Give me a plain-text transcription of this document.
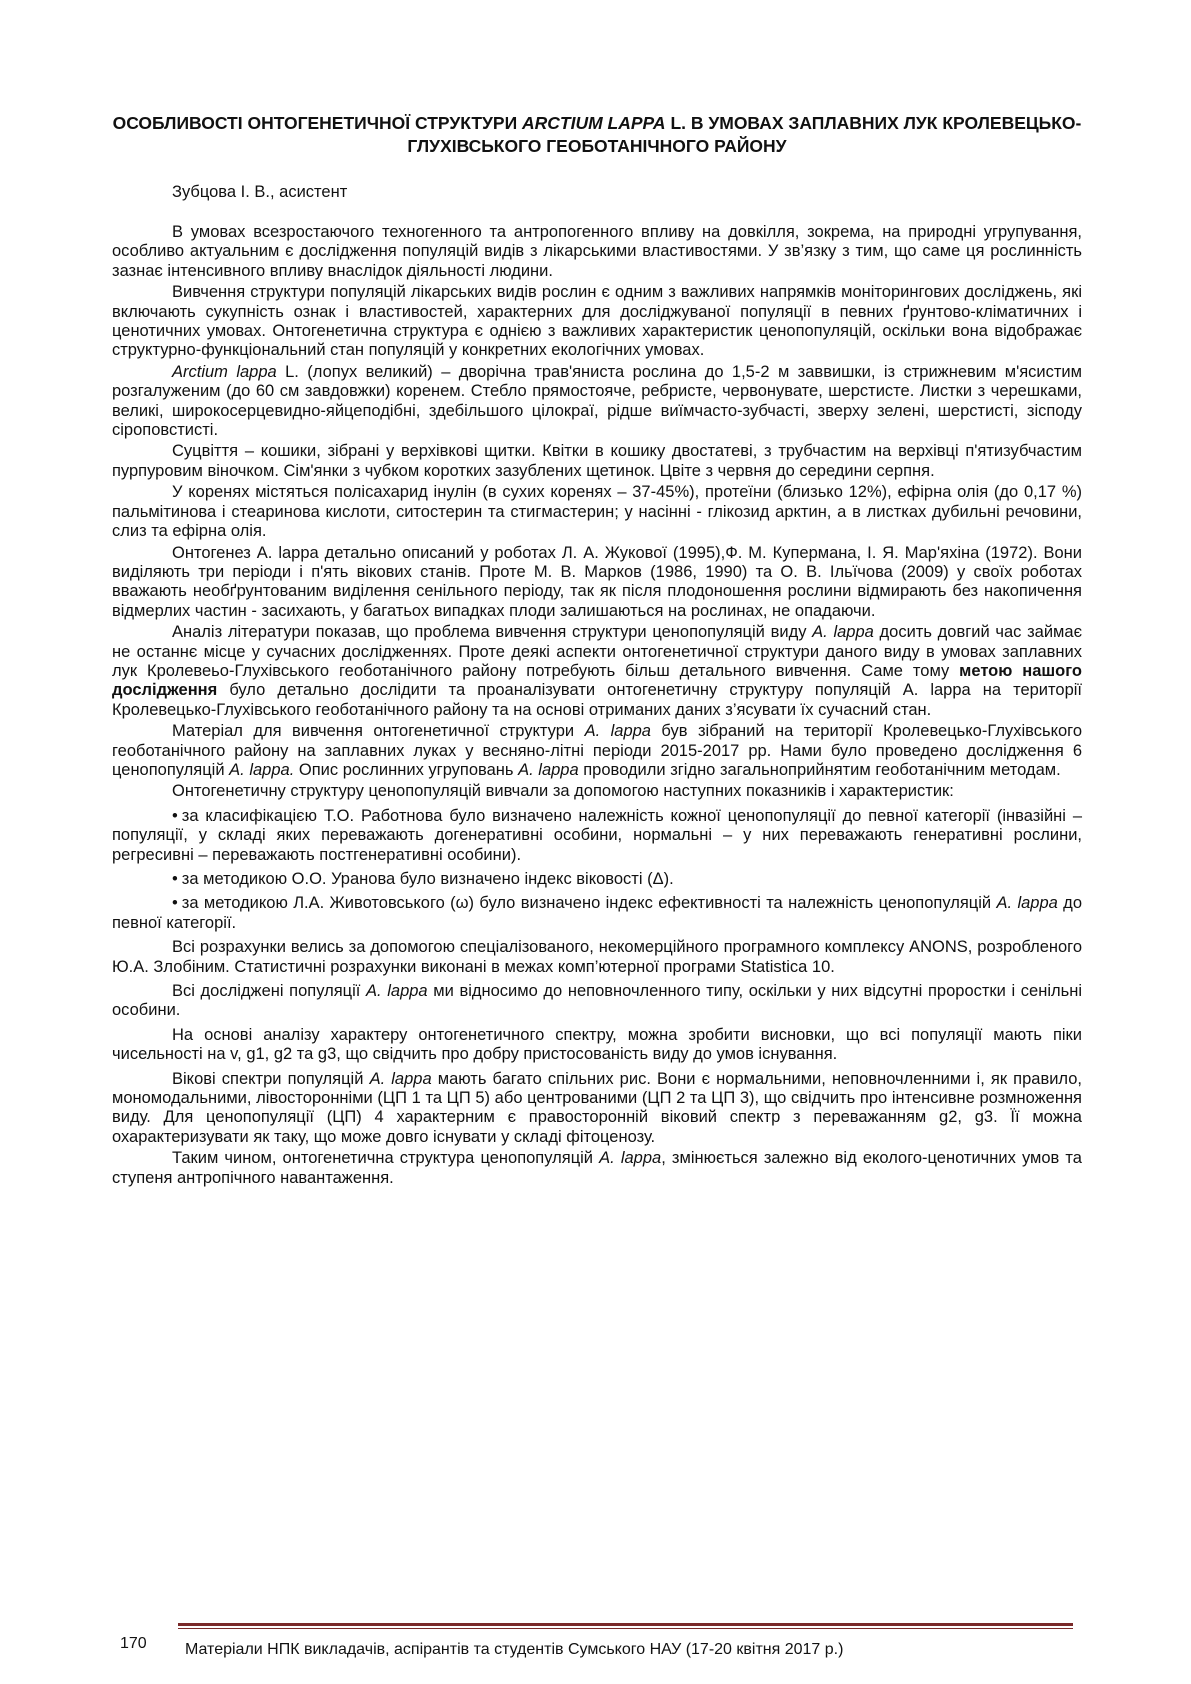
ОСОБЛИВОСТІ ОНТОГЕНЕТИЧНОЇ СТРУКТУРИ ARCTIUM LAPPA L. В УМОВАХ ЗАПЛАВНИХ ЛУК КРОЛЕВЕЦЬКО-ГЛУХІВСЬКОГО ГЕОБОТАНІЧНОГО РАЙОНУ
Зубцова І. В., асистент

В умовах всезростаючого техногенного та антропогенного впливу на довкілля, зокрема, на природні угрупування, особливо актуальним є дослідження популяцій видів з лікарськими властивостями. У зв’язку з тим, що саме ця рослинність зазнає інтенсивного впливу внаслідок діяльності людини.

Вивчення структури популяцій лікарських видів рослин є одним з важливих напрямків моніторингових досліджень, які включають сукупність ознак і властивостей, характерних для досліджуваної популяції в певних ґрунтово-кліматичних і ценотичних умовах. Онтогенетична структура є однією з важливих характеристик ценопопуляцій, оскільки вона відображає структурно-функціональний стан популяцій у конкретних екологічних умовах.

Arctium lappa L. (лопух великий) – дворічна трав'яниста рослина до 1,5-2 м заввишки, із стрижневим м'ясистим розгалуженим (до 60 см завдовжки) коренем. Стебло прямостояче, ребристе, червонувате, шерстисте. Листки з черешками, великі, широкосерцевидно-яйцеподібні, здебільшого цілокраї, рідше виїмчасто-зубчасті, зверху зелені, шерстисті, зісподу сіроповстисті.

Суцвіття – кошики, зібрані у верхівкові щитки. Квітки в кошику двостатеві, з трубчастим на верхівці п'ятизубчастим пурпуровим віночком. Сім'янки з чубком коротких зазублених щетинок. Цвіте з червня до середини серпня.

У коренях містяться полісахарид інулін (в сухих коренях – 37-45%), протеїни (близько 12%), ефірна олія (до 0,17 %) пальмітинова і стеаринова кислоти, ситостерин та стигмастерин; у насінні - глікозид арктин, а в листках дубильні речовини, слиз та ефірна олія.

Онтогенез А. lappa детально описаний у роботах Л. А. Жукової (1995),Ф. М. Купермана, І. Я. Мар'яхіна (1972). Вони виділяють три періоди і п'ять вікових станів. Проте М. В. Марков (1986, 1990) та О. В. Ільїчова (2009) у своїх роботах вважають необґрунтованим виділення сенільного періоду, так як після плодоношення рослини відмирають без накопичення відмерлих частин - засихають, у багатьох випадках плоди залишаються на рослинах, не опадаючи.

Аналіз літератури показав, що проблема вивчення структури ценопопуляцій виду A. lappa досить довгий час займає не останнє місце у сучасних дослідженнях. Проте деякі аспекти онтогенетичної структури даного виду в умовах заплавних лук Кролевеьо-Глухівського геоботанічного району потребують більш детального вивчення. Саме тому метою нашого дослідження було детально дослідити та проаналізувати онтогенетичну структуру популяцій А. lappa на території Кролевецько-Глухівського геоботанічного району та на основі отриманих даних з’ясувати їх сучасний стан.

Матеріал для вивчення онтогенетичної структури A. lappa був зібраний на території Кролевецько-Глухівського геоботанічного району на заплавних луках у весняно-літні періоди 2015-2017 рр. Нами було проведено дослідження 6 ценопопуляцій A. lappa. Опис рослинних угруповань A. lappa проводили згідно загальноприйнятим геоботанічним методам.

Онтогенетичну структуру ценопопуляцій вивчали за допомогою наступних показників і характеристик:

• за класифікацією Т.О. Работнова було визначено належність кожної ценопопуляції до певної категорії (інвазійні – популяції, у складі яких переважають догенеративні особини, нормальні – у них переважають генеративні рослини, регресивні – переважають постгенеративні особини).

• за методикою О.О. Уранова було визначено індекс віковості (Δ).

• за методикою Л.А. Животовського (ω) було визначено індекс ефективності та належність ценопопуляцій A. lappa до певної категорії.

Всі розрахунки велись за допомогою спеціалізованого, некомерційного програмного комплексу ANONS, розробленого Ю.А. Злобіним. Статистичні розрахунки виконані в межах комп’ютерної програми Statistica 10.

Всі досліджені популяції A. lappa ми відносимо до неповночленного типу, оскільки у них відсутні проростки і сенільні особини.

На основі аналізу характеру онтогенетичного спектру, можна зробити висновки, що всі популяції мають піки чисельності на v, g1, g2 та g3, що свідчить про добру пристосованість виду до умов існування.

Вікові спектри популяцій A. lappa мають багато спільних рис. Вони є нормальними, неповночленними і, як правило, мономодальними, лівосторонніми (ЦП 1 та ЦП 5) або центрованими (ЦП 2 та ЦП 3), що свідчить про інтенсивне розмноження виду. Для ценопопуляції (ЦП) 4 характерним є правосторонній віковий спектр з переважанням g2, g3. Її можна охарактеризувати як таку, що може довго існувати у складі фітоценозу.

Таким чином, онтогенетична структура ценопопуляцій A. lappa, змінюється залежно від еколого-ценотичних умов та ступеня антропічного навантаження.

170 Матеріали НПК викладачів, аспірантів та студентів Сумського НАУ (17-20 квітня 2017 р.)
